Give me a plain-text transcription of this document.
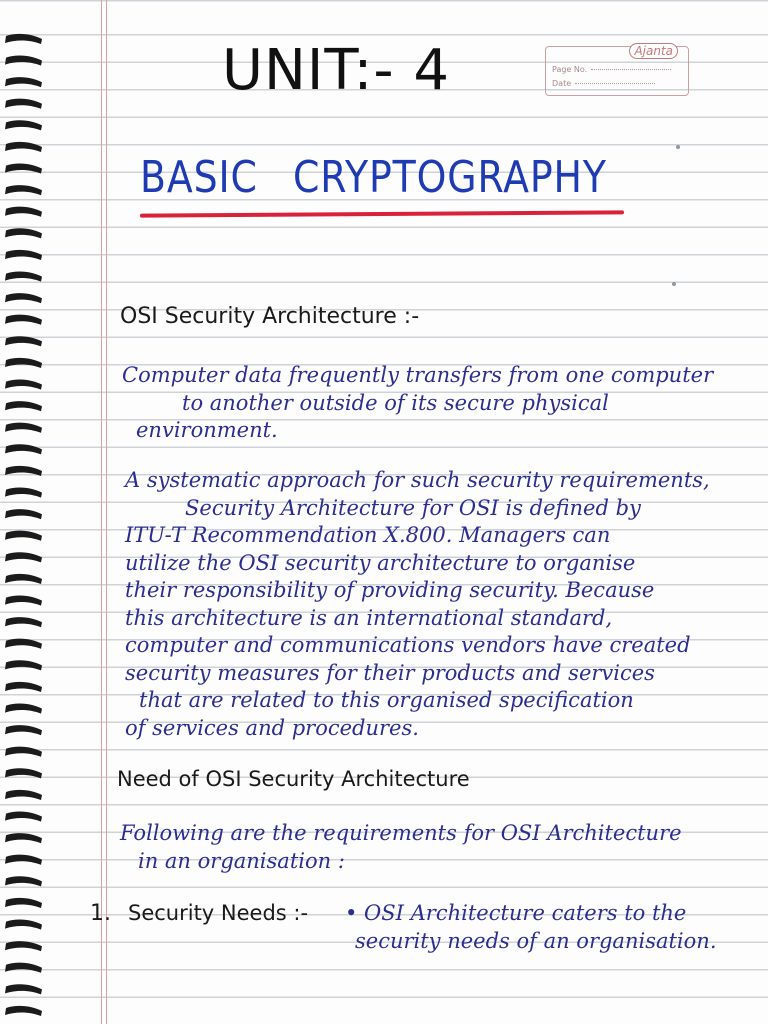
Ajanta
Page No.
Date
UNIT:- 4
BASIC CRYPTOGRAPHY
OSI Security Architecture :-
Computer data frequently transfers from one computer
to another outside of its secure physical
environment.
A systematic approach for such security requirements,
Security Architecture for OSI is defined by
ITU-T Recommendation X.800. Managers can
utilize the OSI security architecture to organise
their responsibility of providing security. Because
this architecture is an international standard,
computer and communications vendors have created
security measures for their products and services
that are related to this organised specification
of services and procedures.
Need of OSI Security Architecture
Following are the requirements for OSI Architecture
in an organisation :
1. Security Needs :- • OSI Architecture caters to the
security needs of an organisation.
